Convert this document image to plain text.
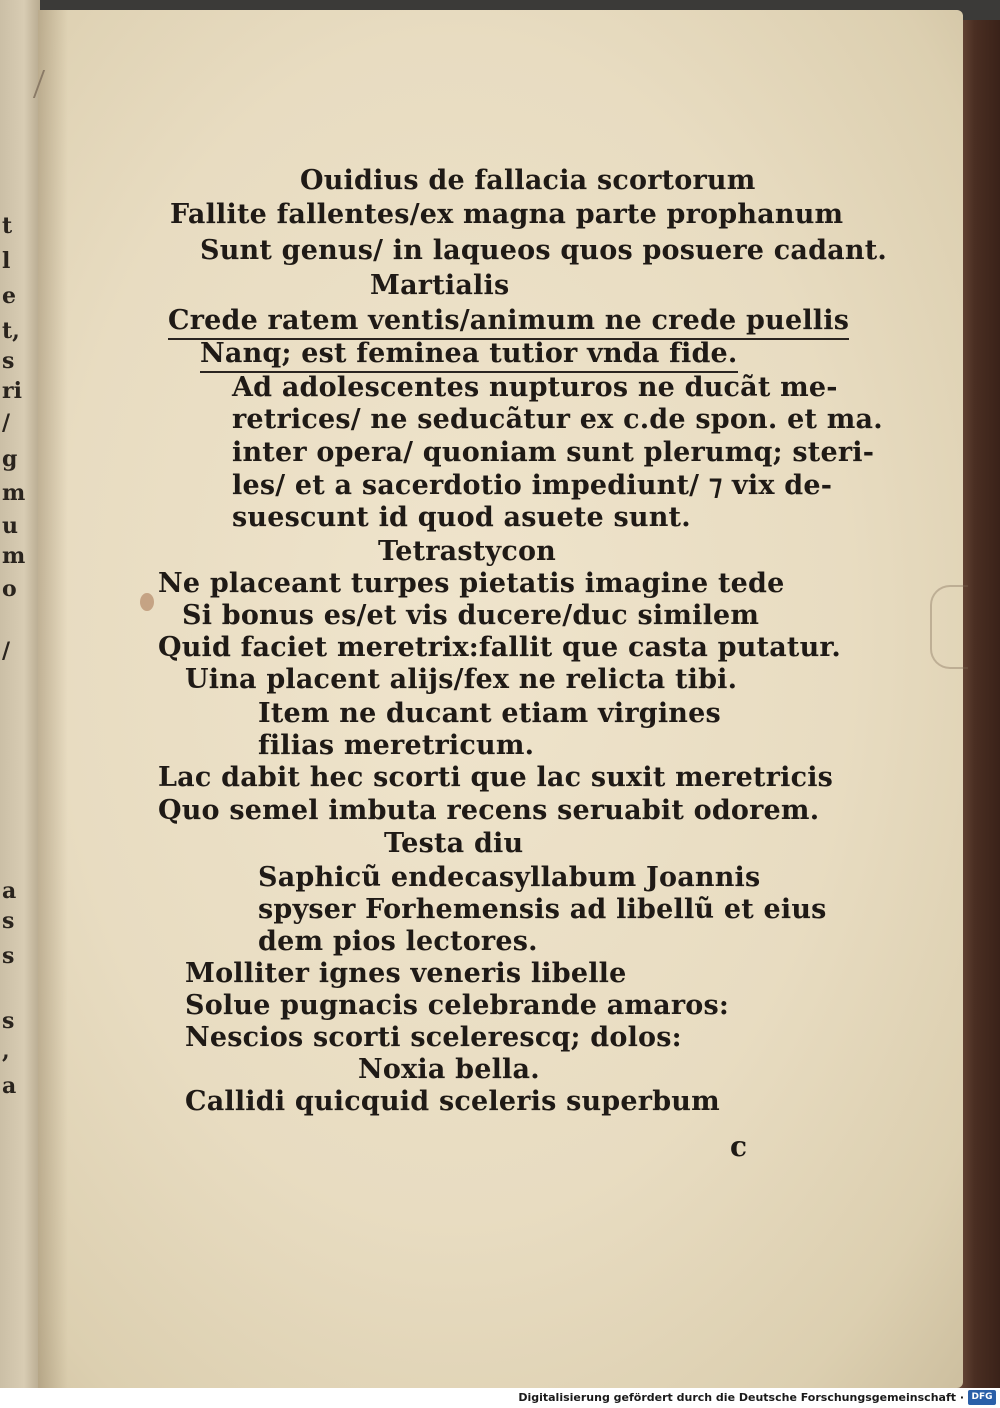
t
l
e
t,
s
ri
/
g
m
u
m
o
/
a
s
s
s
,
a
Ouidius de fallacia scortorum
Fallite fallentes/ex magna parte prophanum
Sunt genus/ in laqueos quos posuere cadant.
Martialis
Crede ratem ventis/animum ne crede puellis
Nanq; est feminea tutior vnda fide.
Ad adolescentes nupturos ne ducãt me-
retrices/ ne seducãtur ex c.de spon. et ma.
inter opera/ quoniam sunt plerumq; steri-
les/ et a sacerdotio impediunt/ ⁊ vix de-
suescunt id quod asuete sunt.
Tetrastycon
Ne placeant turpes pietatis imagine tede
Si bonus es/et vis ducere/duc similem
Quid faciet meretrix:fallit que casta putatur.
Uina placent alijs/fex ne relicta tibi.
Item ne ducant etiam virgines
filias meretricum.
Lac dabit hec scorti que lac suxit meretricis
Quo semel imbuta recens seruabit odorem.
Testa diu
Saphicũ endecasyllabum Joannis
spyser Forhemensis ad libellũ et eius
dem pios lectores.
Molliter ignes veneris libelle
Solue pugnacis celebrande amaros:
Nescios scorti scelerescq; dolos:
Noxia bella.
Callidi quicquid sceleris superbum
c
Digitalisierung gefördert durch die Deutsche Forschungsgemeinschaft · DFG
